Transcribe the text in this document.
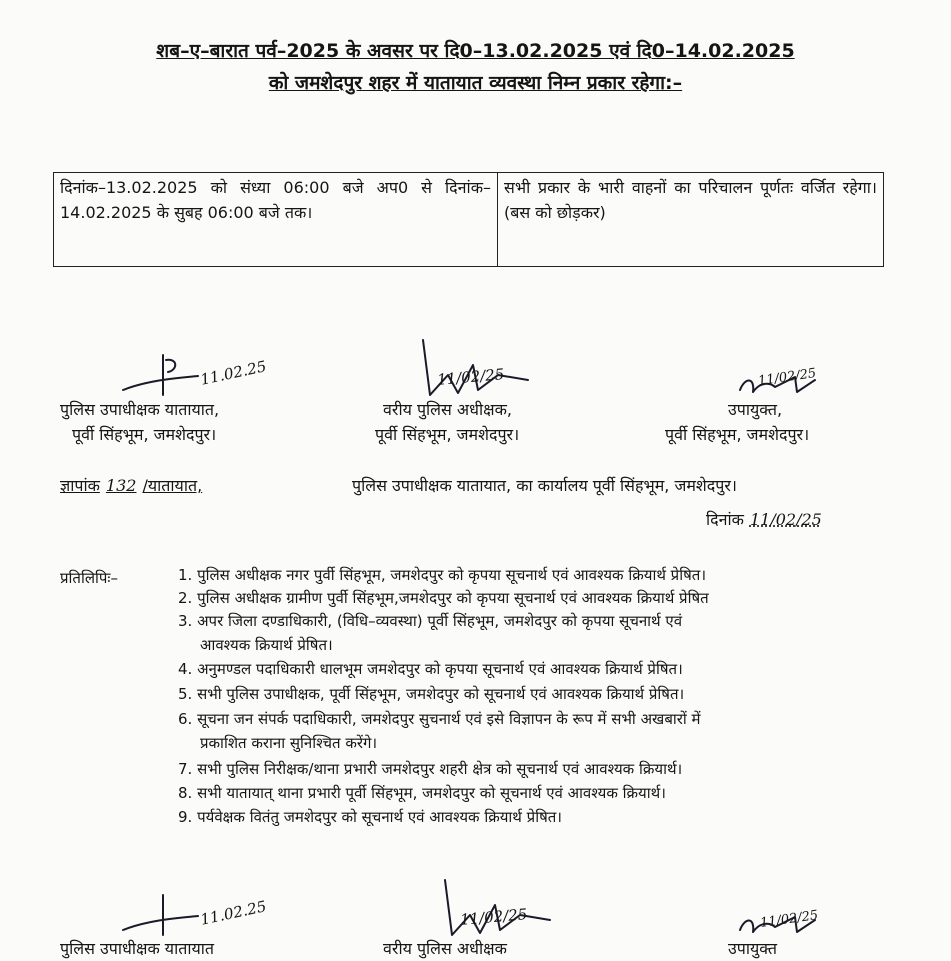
शब–ए–बारात पर्व–2025 के अवसर पर दि0–13.02.2025 एवं दि0–14.02.2025
को जमशेदपुर शहर में यातायात व्यवस्था निम्न प्रकार रहेगा:–
दिनांक–13.02.2025 को संध्या 06:00 बजे अप0 से दिनांक–14.02.2025 के सुबह 06:00 बजे तक।	सभी प्रकार के भारी वाहनों का परिचालन पूर्णतः वर्जित रहेगा। (बस को छोड़कर)
11.02.25	11/02/25	11/02/25
पुलिस उपाधीक्षक यातायात,
पूर्वी सिंहभूम, जमशेदपुर।
वरीय पुलिस अधीक्षक,
पूर्वी सिंहभूम, जमशेदपुर।
उपायुक्त,
पूर्वी सिंहभूम, जमशेदपुर।
ज्ञापांक 132 /यातायात,	पुलिस उपाधीक्षक यातायात, का कार्यालय पूर्वी सिंहभूम, जमशेदपुर।
दिनांक 11/02/25
प्रतिलिपिः–	1. पुलिस अधीक्षक नगर पुर्वी सिंहभूम, जमशेदपुर को कृपया सूचनार्थ एवं आवश्यक क्रियार्थ प्रेषित।
2. पुलिस अधीक्षक ग्रामीण पुर्वी सिंहभूम,जमशेदपुर को कृपया सूचनार्थ एवं आवश्यक क्रियार्थ प्रेषित
3. अपर जिला दण्डाधिकारी, (विधि–व्यवस्था) पूर्वी सिंहभूम, जमशेदपुर को कृपया सूचनार्थ एवं
आवश्यक क्रियार्थ प्रेषित।
4. अनुमण्डल पदाधिकारी धालभूम जमशेदपुर को कृपया सूचनार्थ एवं आवश्यक क्रियार्थ प्रेषित।
5. सभी पुलिस उपाधीक्षक, पूर्वी सिंहभूम, जमशेदपुर को सूचनार्थ एवं आवश्यक क्रियार्थ प्रेषित।
6. सूचना जन संपर्क पदाधिकारी, जमशेदपुर सुचनार्थ एवं इसे विज्ञापन के रूप में सभी अखबारों में
प्रकाशित कराना सुनिश्चित करेंगे।
7. सभी पुलिस निरीक्षक/थाना प्रभारी जमशेदपुर शहरी क्षेत्र को सूचनार्थ एवं आवश्यक क्रियार्थ।
8. सभी यातायात् थाना प्रभारी पूर्वी सिंहभूम, जमशेदपुर को सूचनार्थ एवं आवश्यक क्रियार्थ।
9. पर्यवेक्षक वितंतु जमशेदपुर को सूचनार्थ एवं आवश्यक क्रियार्थ प्रेषित।
11.02.25	11/02/25	11/02/25
पुलिस उपाधीक्षक यातायात	वरीय पुलिस अधीक्षक	उपायुक्त
